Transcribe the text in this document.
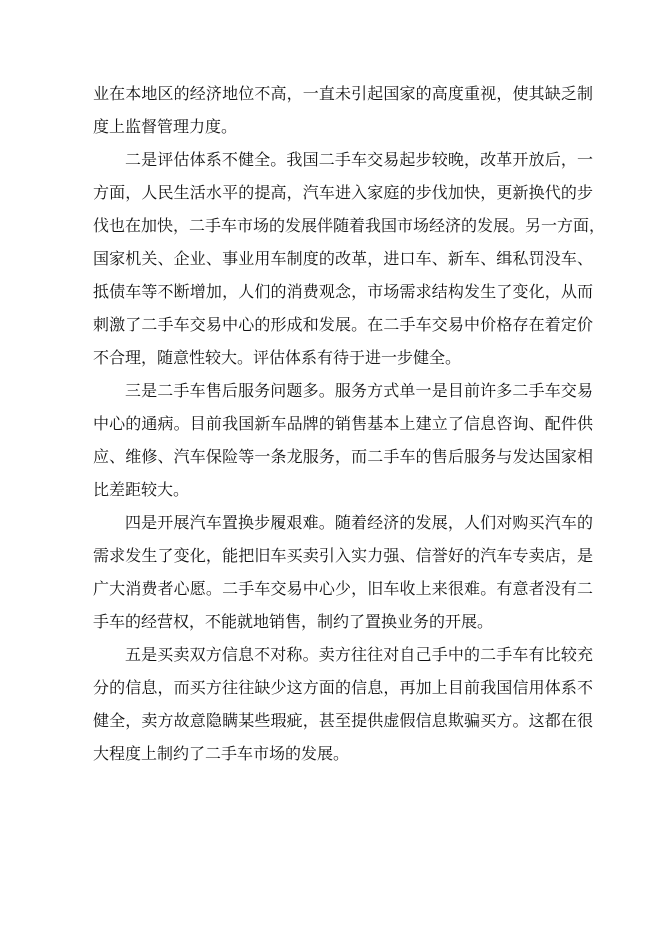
业在本地区的经济地位不高，一直未引起国家的高度重视，使其缺乏制
度上监督管理力度。
二是评估体系不健全。我国二手车交易起步较晚，改革开放后，一
方面，人民生活水平的提高，汽车进入家庭的步伐加快，更新换代的步
伐也在加快，二手车市场的发展伴随着我国市场经济的发展。另一方面，
国家机关、企业、事业用车制度的改革，进口车、新车、缉私罚没车、
抵债车等不断增加，人们的消费观念，市场需求结构发生了变化，从而
刺激了二手车交易中心的形成和发展。在二手车交易中价格存在着定价
不合理，随意性较大。评估体系有待于进一步健全。
三是二手车售后服务问题多。服务方式单一是目前许多二手车交易
中心的通病。目前我国新车品牌的销售基本上建立了信息咨询、配件供
应、维修、汽车保险等一条龙服务，而二手车的售后服务与发达国家相
比差距较大。
四是开展汽车置换步履艰难。随着经济的发展，人们对购买汽车的
需求发生了变化，能把旧车买卖引入实力强、信誉好的汽车专卖店，是
广大消费者心愿。二手车交易中心少，旧车收上来很难。有意者没有二
手车的经营权，不能就地销售，制约了置换业务的开展。
五是买卖双方信息不对称。卖方往往对自己手中的二手车有比较充
分的信息，而买方往往缺少这方面的信息，再加上目前我国信用体系不
健全，卖方故意隐瞒某些瑕疵，甚至提供虚假信息欺骗买方。这都在很
大程度上制约了二手车市场的发展。
